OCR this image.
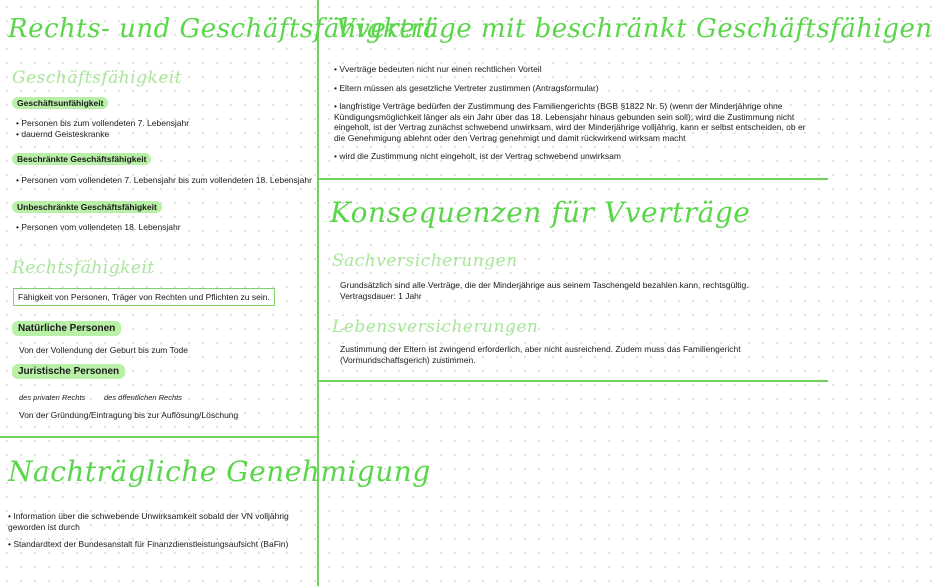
Rechts- und Geschäftsfähigkeit
Geschäftsfähigkeit
Geschäftsunfähigkeit
• Personen bis zum vollendeten 7. Lebensjahr
• dauernd Geisteskranke
Beschränkte Geschäftsfähigkeit
• Personen vom vollendeten 7. Lebensjahr bis zum vollendeten 18. Lebensjahr
Unbeschränkte Geschäftsfähigkeit
• Personen vom vollendeten 18. Lebensjahr
Rechtsfähigkeit
Fähigkeit von Personen, Träger von Rechten und Pflichten zu sein.
Natürliche Personen
Von der Vollendung der Geburt bis zum Tode
Juristische Personen
des privaten Rechts des öffentlichen Rechts
Von der Gründung/Eintragung bis zur Auflösung/Löschung
Nachträgliche Genehmigung
• Information über die schwebende Unwirksamkeit sobald der VN volljährig geworden ist durch
• Standardtext der Bundesanstalt für Finanzdienstleistungsaufsicht (BaFin)
Vverträge mit beschränkt Geschäftsfähigen
• Vverträge bedeuten nicht nur einen rechtlichen Vorteil
• Eltern müssen als gesetzliche Vertreter zustimmen (Antragsformular)
• langfristige Verträge bedürfen der Zustimmung des Familiengerichts (BGB §1822 Nr. 5) (wenn der Minderjährige ohne Kündigungsmöglichkeit länger als ein Jahr über das 18. Lebensjahr hinaus gebunden sein soll); wird die Zustimmung nicht eingeholt, ist der Vertrag zunächst schwebend unwirksam, wird der Minderjährige volljährig, kann er selbst entscheiden, ob er die Genehmigung ablehnt oder den Vertrag genehmigt und damit rückwirkend wirksam macht
• wird die Zustimmung nicht eingeholt, ist der Vertrag schwebend unwirksam
Konsequenzen für Vverträge
Sachversicherungen
Grundsätzlich sind alle Verträge, die der Minderjährige aus seinem Taschengeld bezahlen kann, rechtsgültig. Vertragsdauer: 1 Jahr
Lebensversicherungen
Zustimmung der Eltern ist zwingend erforderlich, aber nicht ausreichend. Zudem muss das Familiengericht (Vormundschaftsgerich) zustimmen.
